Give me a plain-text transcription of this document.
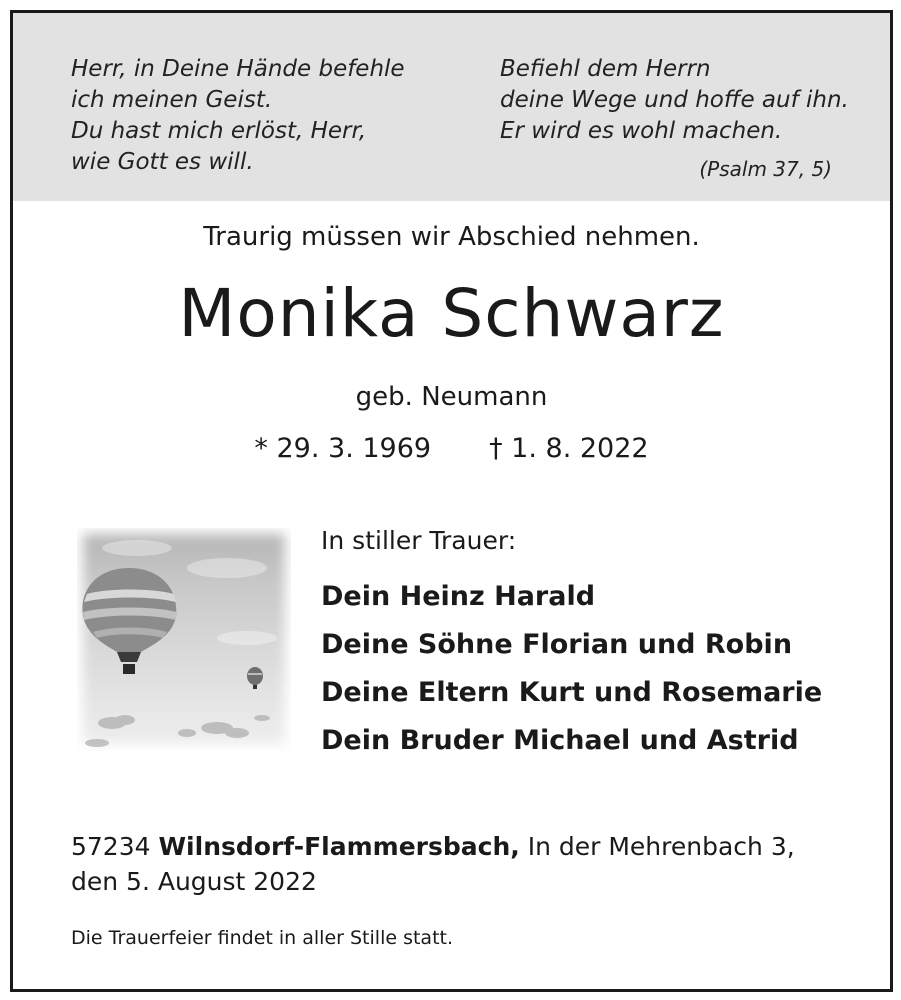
Herr, in Deine Hände befehle
ich meinen Geist.
Du hast mich erlöst, Herr,
wie Gott es will.
Befiehl dem Herrn
deine Wege und hoffe auf ihn.
Er wird es wohl machen.
(Psalm 37, 5)
Traurig müssen wir Abschied nehmen.
Monika Schwarz
geb. Neumann
* 29. 3. 1969 † 1. 8. 2022
In stiller Trauer:
Dein Heinz Harald
Deine Söhne Florian und Robin
Deine Eltern Kurt und Rosemarie
Dein Bruder Michael und Astrid
57234 Wilnsdorf-Flammersbach, In der Mehrenbach 3,
den 5. August 2022
Die Trauerfeier findet in aller Stille statt.
